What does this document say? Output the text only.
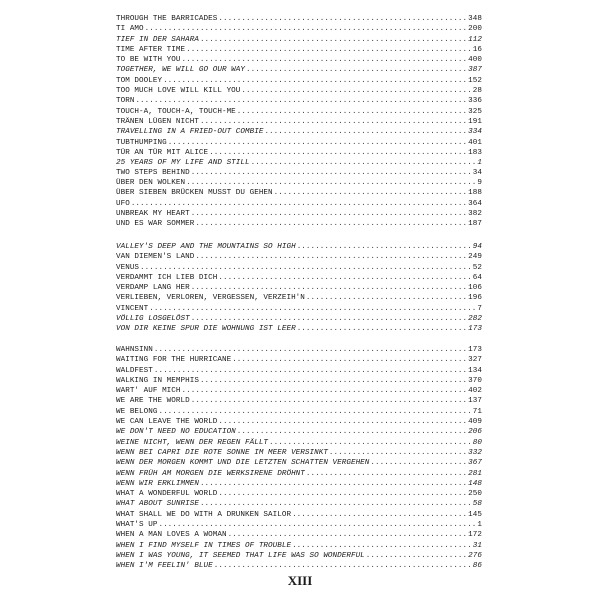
THROUGH THE BARRICADES .....	348
TI AMO .....	200
TIEF IN DER SAHARA .....	112
TIME AFTER TIME .....	16
TO BE WITH YOU .....	400
TOGETHER, WE WILL GO OUR WAY .....	387
TOM DOOLEY .....	152
TOO MUCH LOVE WILL KILL YOU .....	28
TORN .....	336
TOUCH-A, TOUCH-A, TOUCH-ME .....	325
TRÄNEN LÜGEN NICHT .....	191
TRAVELLING IN A FRIED-OUT COMBIE .....	334
TUBTHUMPING .....	401
TÜR AN TÜR MIT ALICE .....	183
25 YEARS OF MY LIFE AND STILL .....	1
TWO STEPS BEHIND .....	34
ÜBER DEN WOLKEN .....	9
ÜBER SIEBEN BRÜCKEN MUSST DU GEHEN .....	188
UFO .....	364
UNBREAK MY HEART .....	382
UND ES WAR SOMMER .....	187
VALLEY'S DEEP AND THE MOUNTAINS SO HIGH .....	94
VAN DIEMEN'S LAND .....	249
VENUS .....	52
VERDAMMT ICH LIEB DICH .....	64
VERDAMP LANG HER .....	106
VERLIEBEN, VERLOREN, VERGESSEN, VERZEIH'N .....	196
VINCENT .....	7
VÖLLIG LOSGELÖST .....	282
VON DIR KEINE SPUR DIE WOHNUNG IST LEER .....	173
WAHNSINN .....	173
WAITING FOR THE HURRICANE .....	327
WALDFEST .....	134
WALKING IN MEMPHIS .....	370
WART' AUF MICH .....	402
WE ARE THE WORLD .....	137
WE BELONG .....	71
WE CAN LEAVE THE WORLD .....	409
WE DON'T NEED NO EDUCATION .....	206
WEINE NICHT, WENN DER REGEN FÄLLT .....	80
WENN BEI CAPRI DIE ROTE SONNE IM MEER VERSINKT .....	332
WENN DER MORGEN KOMMT UND DIE LETZTEN SCHATTEN VERGEHEN .....	367
WENN FRÜH AM MORGEN DIE WERKSIRENE DRÖHNT .....	281
WENN WIR ERKLIMMEN .....	148
WHAT A WONDERFUL WORLD .....	250
WHAT ABOUT SUNRISE .....	58
WHAT SHALL WE DO WITH A DRUNKEN SAILOR .....	145
WHAT'S UP .....	1
WHEN A MAN LOVES A WOMAN .....	172
WHEN I FIND MYSELF IN TIMES OF TROUBLE .....	31
WHEN I WAS YOUNG, IT SEEMED THAT LIFE WAS SO WONDERFUL .....	276
WHEN I'M FEELIN' BLUE .....	86
XIII
